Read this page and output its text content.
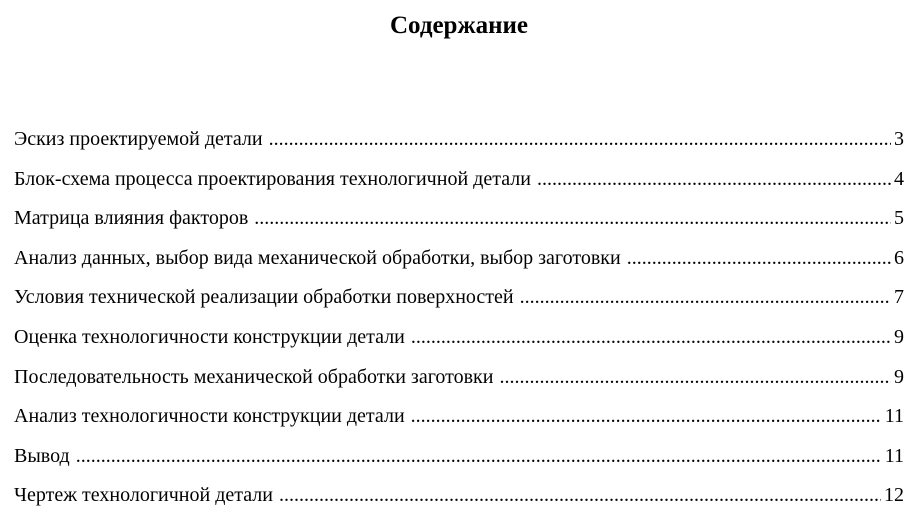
Содержание
Эскиз проектируемой детали .....	3
Блок-схема процесса проектирования технологичной детали .....	4
Матрица влияния факторов .....	5
Анализ данных, выбор вида механической обработки, выбор заготовки .....	6
Условия технической реализации обработки поверхностей .....	7
Оценка технологичности конструкции детали .....	9
Последовательность механической обработки заготовки .....	9
Анализ технологичности конструкции детали .....	11
Вывод .....	11
Чертеж технологичной детали .....	12
